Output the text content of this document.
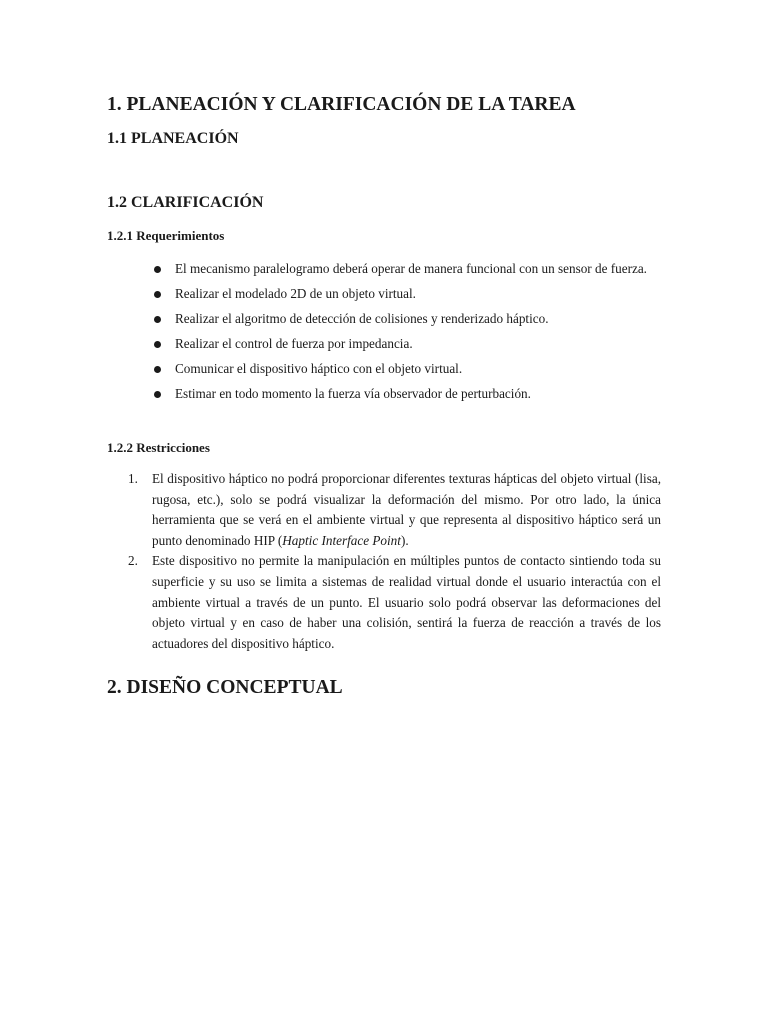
1. PLANEACIÓN Y CLARIFICACIÓN DE LA TAREA
1.1 PLANEACIÓN
1.2 CLARIFICACIÓN
1.2.1 Requerimientos
El mecanismo paralelogramo deberá operar de manera funcional con un sensor de fuerza.
Realizar el modelado 2D de un objeto virtual.
Realizar el algoritmo de detección de colisiones y renderizado háptico.
Realizar el control de fuerza por impedancia.
Comunicar el dispositivo háptico con el objeto virtual.
Estimar en todo momento la fuerza vía observador de perturbación.
1.2.2 Restricciones
1. El dispositivo háptico no podrá proporcionar diferentes texturas hápticas del objeto virtual (lisa, rugosa, etc.), solo se podrá visualizar la deformación del mismo. Por otro lado, la única herramienta que se verá en el ambiente virtual y que representa al dispositivo háptico será un punto denominado HIP (Haptic Interface Point).
2. Este dispositivo no permite la manipulación en múltiples puntos de contacto sintiendo toda su superficie y su uso se limita a sistemas de realidad virtual donde el usuario interactúa con el ambiente virtual a través de un punto. El usuario solo podrá observar las deformaciones del objeto virtual y en caso de haber una colisión, sentirá la fuerza de reacción a través de los actuadores del dispositivo háptico.
2. DISEÑO CONCEPTUAL
